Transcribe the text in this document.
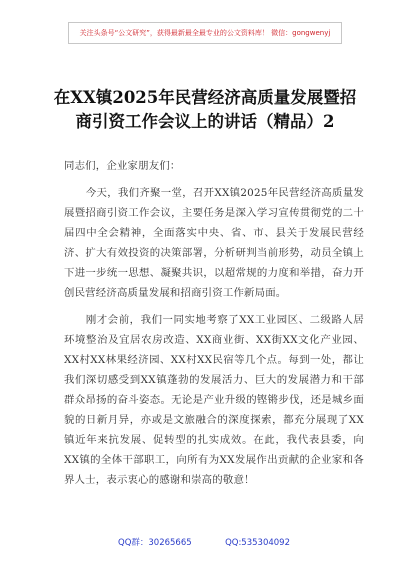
关注头条号“公文研究”，获得最新最全最专业的公文资料库！ 微信：gongwenyj
在XX镇2025年民营经济高质量发展暨招
商引资工作会议上的讲话（精品）2
同志们，企业家朋友们：

今天，我们齐聚一堂，召开XX镇2025年民营经济高质量发展暨招商引资工作会议，主要任务是深入学习宣传贯彻党的二十届四中全会精神，全面落实中央、省、市、县关于发展民营经济、扩大有效投资的决策部署，分析研判当前形势，动员全镇上下进一步统一思想、凝聚共识，以超常规的力度和举措，奋力开创民营经济高质量发展和招商引资工作新局面。

刚才会前，我们一同实地考察了XX工业园区、二级路人居环境整治及宜居农房改造、XX商业街、XX街XX文化产业园、XX村XX林果经济园、XX村XX民宿等几个点。每到一处，都让我们深切感受到XX镇蓬勃的发展活力、巨大的发展潜力和干部群众昂扬的奋斗姿态。无论是产业升级的铿锵步伐，还是城乡面貌的日新月异，亦或是文旅融合的深度探索，都充分展现了XX镇近年来抗发展、促转型的扎实成效。在此，我代表县委，向XX镇的全体干部职工，向所有为XX发展作出贡献的企业家和各界人士，表示衷心的感谢和崇高的敬意！

QQ群：30265665	QQ:535304092
